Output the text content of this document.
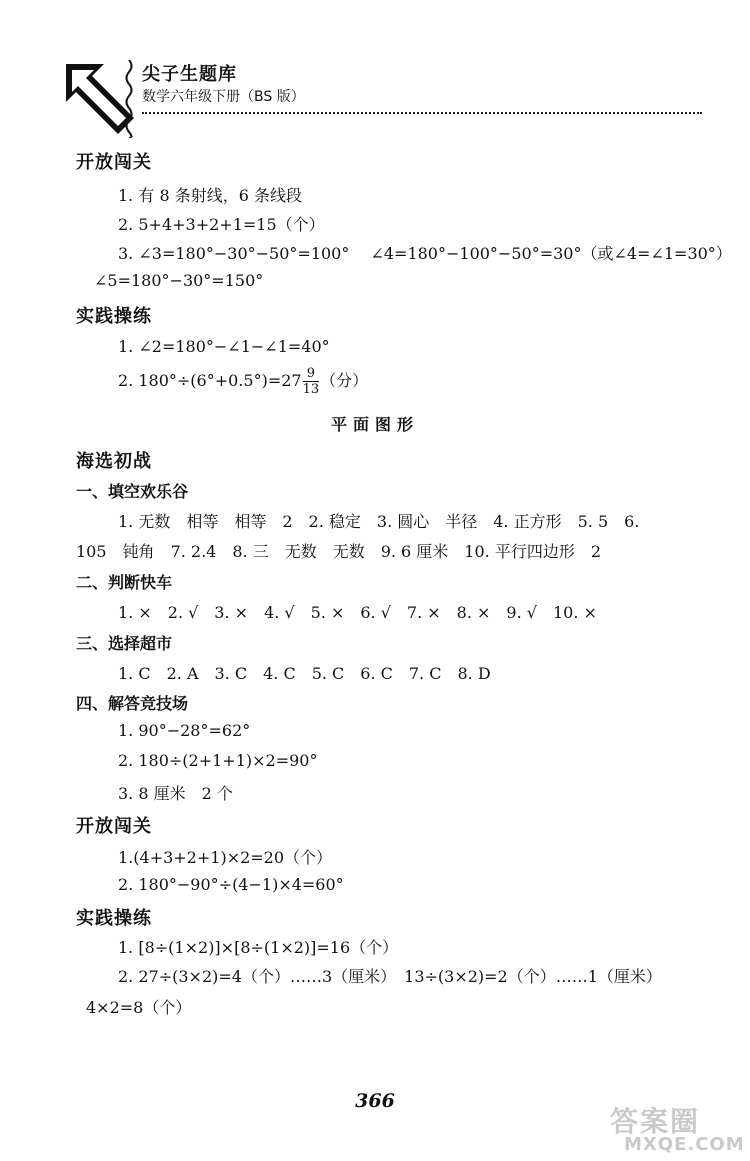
尖子生题库
数学六年级下册（BS 版）
开放闯关
1. 有 8 条射线，6 条线段
2. 5+4+3+2+1=15（个）
3. ∠3=180°−30°−50°=100°　 ∠4=180°−100°−50°=30°（或∠4=∠1=30°）
∠5=180°−30°=150°
实践操练
1. ∠2=180°−∠1−∠1=40°
2. $180^\circ\div(6^\circ+0.5^\circ)=27 \frac{9}{13}$ （分）
平面图形
海选初战
一、填空欢乐谷
1. 无数　相等　相等　2　2. 稳定　3. 圆心　半径　4. 正方形　5. 5　6.
105　钝角　7. 2.4　8. 三　无数　无数　9. 6 厘米　10. 平行四边形　2
二、判断快车
1. ×　2. √　3. ×　4. √　5. ×　6. √　7. ×　8. ×　9. √　10. ×
三、选择超市
1. C　2. A　3. C　4. C　5. C　6. C　7. C　8. D
四、解答竞技场
1. 90°−28°=62°
2. 180÷(2+1+1)×2=90°
3. 8 厘米　2 个
开放闯关
1.(4+3+2+1)×2=20（个）
2. 180°−90°÷(4−1)×4=60°
实践操练
1. [8÷(1×2)]×[8÷(1×2)]=16（个）
2. 27÷(3×2)=4（个）……3（厘米）　13÷(3×2)=2（个）……1（厘米）
4×2=8（个）
366
答案圈
MXQE.COM
